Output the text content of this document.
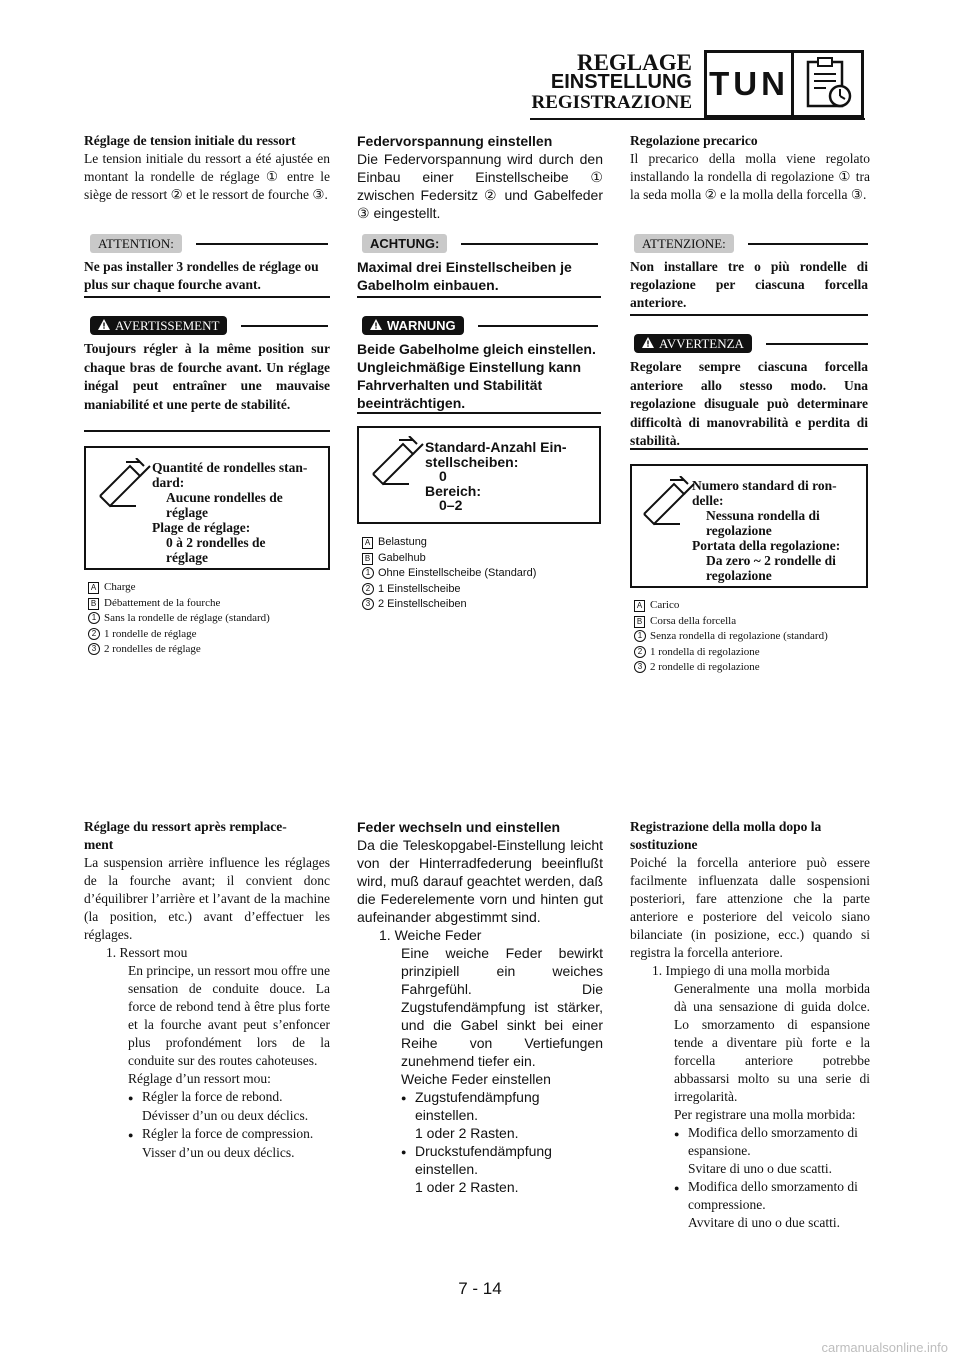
REGLAGE
EINSTELLUNG
REGISTRAZIONE
TUN
Réglage de tension initiale du ressort

Le tension initiale du ressort a été ajustée en montant la rondelle de réglage ① entre le siège de ressort ② et le ressort de fourche ③.

ATTENTION:
Ne pas installer 3 rondelles de réglage ou plus sur chaque fourche avant.
AVERTISSEMENT
Toujours régler à la même position sur chaque bras de fourche avant. Un réglage inégal peut entraîner une mauvaise maniabilité et une perte de stabilité.
Quantité de rondelles stan-
dard:
Aucune rondelles de
réglage
Plage de réglage:
0 à 2 rondelles de
réglage
A Charge
B Débattement de la fourche
1 Sans la rondelle de réglage (standard)
2 1 rondelle de réglage
3 2 rondelles de réglage
Réglage du ressort après remplace-
ment

La suspension arrière influence les réglages de la fourche avant; il convient donc d’équilibrer l’arrière et l’avant de la machine (la position, etc.) avant d’effectuer les réglages.

1. Ressort mou

En principe, un ressort mou offre une sensation de conduite douce. La force de rebond tend à être plus forte et la fourche avant peut s’enfoncer plus profondément lors de la conduite sur des routes cahoteuses.

Réglage d’un ressort mou:
● Régler la force de rebond.
Dévisser d’un ou deux déclics.
● Régler la force de compression.
Visser d’un ou deux déclics.
Federvorspannung einstellen

Die Federvorspannung wird durch den Einbau einer Einstellscheibe ① zwischen Federsitz ② und Gabelfeder ③ eingestellt.

ACHTUNG:
Maximal drei Einstellscheiben je Gabelholm einbauen.
WARNUNG
Beide Gabelholme gleich einstellen. Ungleichmäßige Einstellung kann Fahrverhalten und Stabilität beeinträchtigen.
Standard-Anzahl Ein-
stellscheiben:
0
Bereich:
0–2
A Belastung
B Gabelhub
1 Ohne Einstellscheibe (Standard)
2 1 Einstellscheibe
3 2 Einstellscheiben
Feder wechseln und einstellen

Da die Teleskopgabel-Einstellung leicht von der Hinterradfederung beeinflußt wird, muß darauf geachtet werden, daß die Federelemente vorn und hinten gut aufeinander abgestimmt sind.

1. Weiche Feder

Eine weiche Feder bewirkt prinzipiell ein weiches Fahrgefühl. Die Zugstufendämpfung ist stärker, und die Gabel sinkt bei einer Reihe von Vertiefungen zunehmend tiefer ein.

Weiche Feder einstellen
● Zugstufendämpfung einstellen.
1 oder 2 Rasten.
● Druckstufendämpfung einstellen.
1 oder 2 Rasten.
Regolazione precarico

Il precarico della molla viene regolato installando la rondella di regolazione ① tra la seda molla ② e la molla della forcella ③.

ATTENZIONE:
Non installare tre o più rondelle di regolazione per ciascuna forcella anteriore.
AVVERTENZA
Regolare sempre ciascuna forcella anteriore allo stesso modo. Una regolazione disuguale può determinare difficoltà di manovrabilità e perdita di stabilità.
Numero standard di ron-
delle:
Nessuna rondella di
regolazione
Portata della regolazione:
Da zero ~ 2 rondelle di
regolazione
A Carico
B Corsa della forcella
1 Senza rondella di regolazione (standard)
2 1 rondella di regolazione
3 2 rondelle di regolazione
Registrazione della molla dopo la
sostituzione

Poiché la forcella anteriore può essere facilmente influenzata dalle sospensioni posteriori, fare attenzione che la parte anteriore e posteriore del veicolo siano bilanciate (in posizione, ecc.) quando si registra la forcella anteriore.

1. Impiego di una molla morbida

Generalmente una molla morbida dà una sensazione di guida dolce. Lo smorzamento di espansione tende a diventare più forte e la forcella anteriore potrebbe abbassarsi molto su una serie di irregolarità.

Per registrare una molla morbida:
● Modifica dello smorzamento di espansione.
Svitare di uno o due scatti.
● Modifica dello smorzamento di compressione.
Avvitare di uno o due scatti.
7 - 14
carmanualsonline.info
